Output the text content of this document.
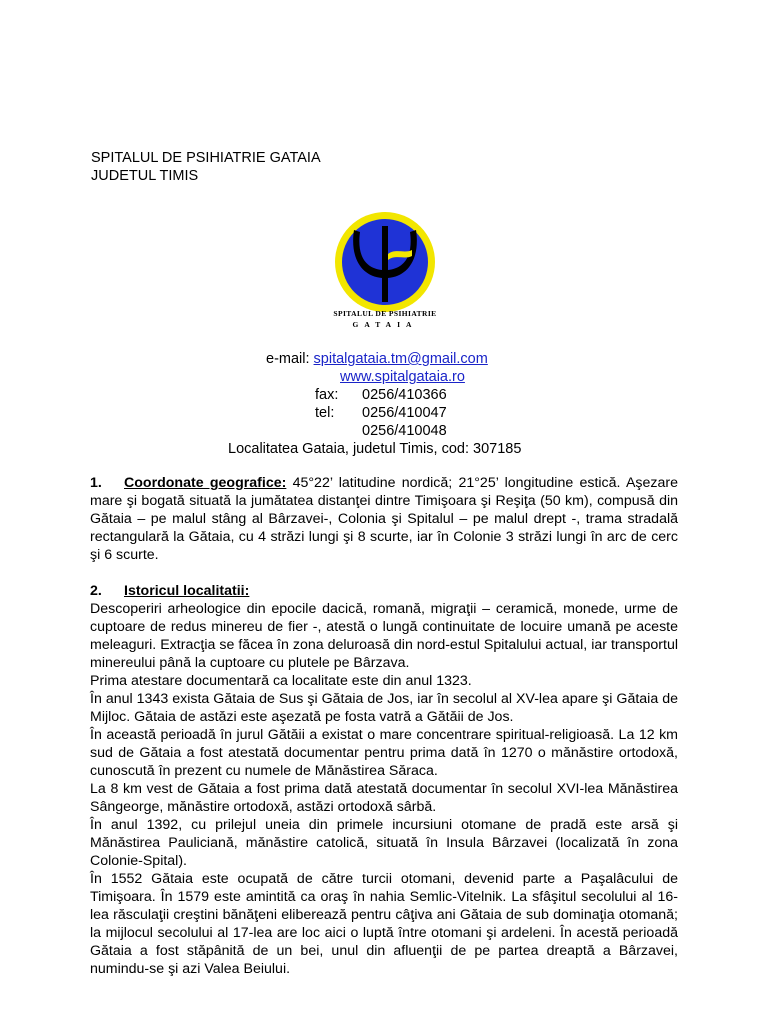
SPITALUL DE PSIHIATRIE GATAIA
JUDETUL TIMIS
SPITALUL DE PSIHIATRIE
GATAIA
e-mail: spitalgataia.tm@gmail.com
www.spitalgataia.ro
fax: 0256/410366
tel: 0256/410047
0256/410048
Localitatea Gataia, judetul Timis, cod: 307185

1. Coordonate geografice: 45°22’ latitudine nordică; 21°25’ longitudine estică. Aşezare mare şi bogată situată la jumătatea distanţei dintre Timişoara şi Reşiţa (50 km), compusă din Gătaia – pe malul stâng al Bârzavei-, Colonia şi Spitalul – pe malul drept -, trama stradală rectangulară la Gătaia, cu 4 străzi lungi şi 8 scurte, iar în Colonie 3 străzi lungi în arc de cerc şi 6 scurte.

2. Istoricul localitatii:

Descoperiri arheologice din epocile dacică, romană, migraţii – ceramică, monede, urme de cuptoare de redus minereu de fier -, atestă o lungă continuitate de locuire umană pe aceste meleaguri. Extracţia se făcea în zona deluroasă din nord-estul Spitalului actual, iar transportul minereului până la cuptoare cu plutele pe Bârzava.

Prima atestare documentară ca localitate este din anul 1323.

În anul 1343 exista Gătaia de Sus şi Gătaia de Jos, iar în secolul al XV-lea apare şi Gătaia de Mijloc. Gătaia de astăzi este aşezată pe fosta vatră a Gătăii de Jos.

În această perioadă în jurul Gătăii a existat o mare concentrare spiritual-religioasă. La 12 km sud de Gătaia a fost atestată documentar pentru prima dată în 1270 o mănăstire ortodoxă, cunoscută în prezent cu numele de Mănăstirea Săraca.

La 8 km vest de Gătaia a fost prima dată atestată documentar în secolul XVI-lea Mănăstirea Sângeorge, mănăstire ortodoxă, astăzi ortodoxă sârbă.

În anul 1392, cu prilejul uneia din primele incursiuni otomane de pradă este arsă şi Mănăstirea Pauliciană, mănăstire catolică, situată în Insula Bârzavei (localizată în zona Colonie-Spital).

În 1552 Gătaia este ocupată de către turcii otomani, devenid parte a Paşalâcului de Timişoara. În 1579 este amintită ca oraş în nahia Semlic-Vitelnik. La sfâşitul secolului al 16-lea răsculaţii creştini bănăţeni eliberează pentru câţiva ani Gătaia de sub dominaţia otomană; la mijlocul secolului al 17-lea are loc aici o luptă între otomani şi ardeleni. În acestă perioadă Gătaia a fost stăpânită de un bei, unul din afluenţii de pe partea dreaptă a Bârzavei, numindu-se şi azi Valea Beiului.
